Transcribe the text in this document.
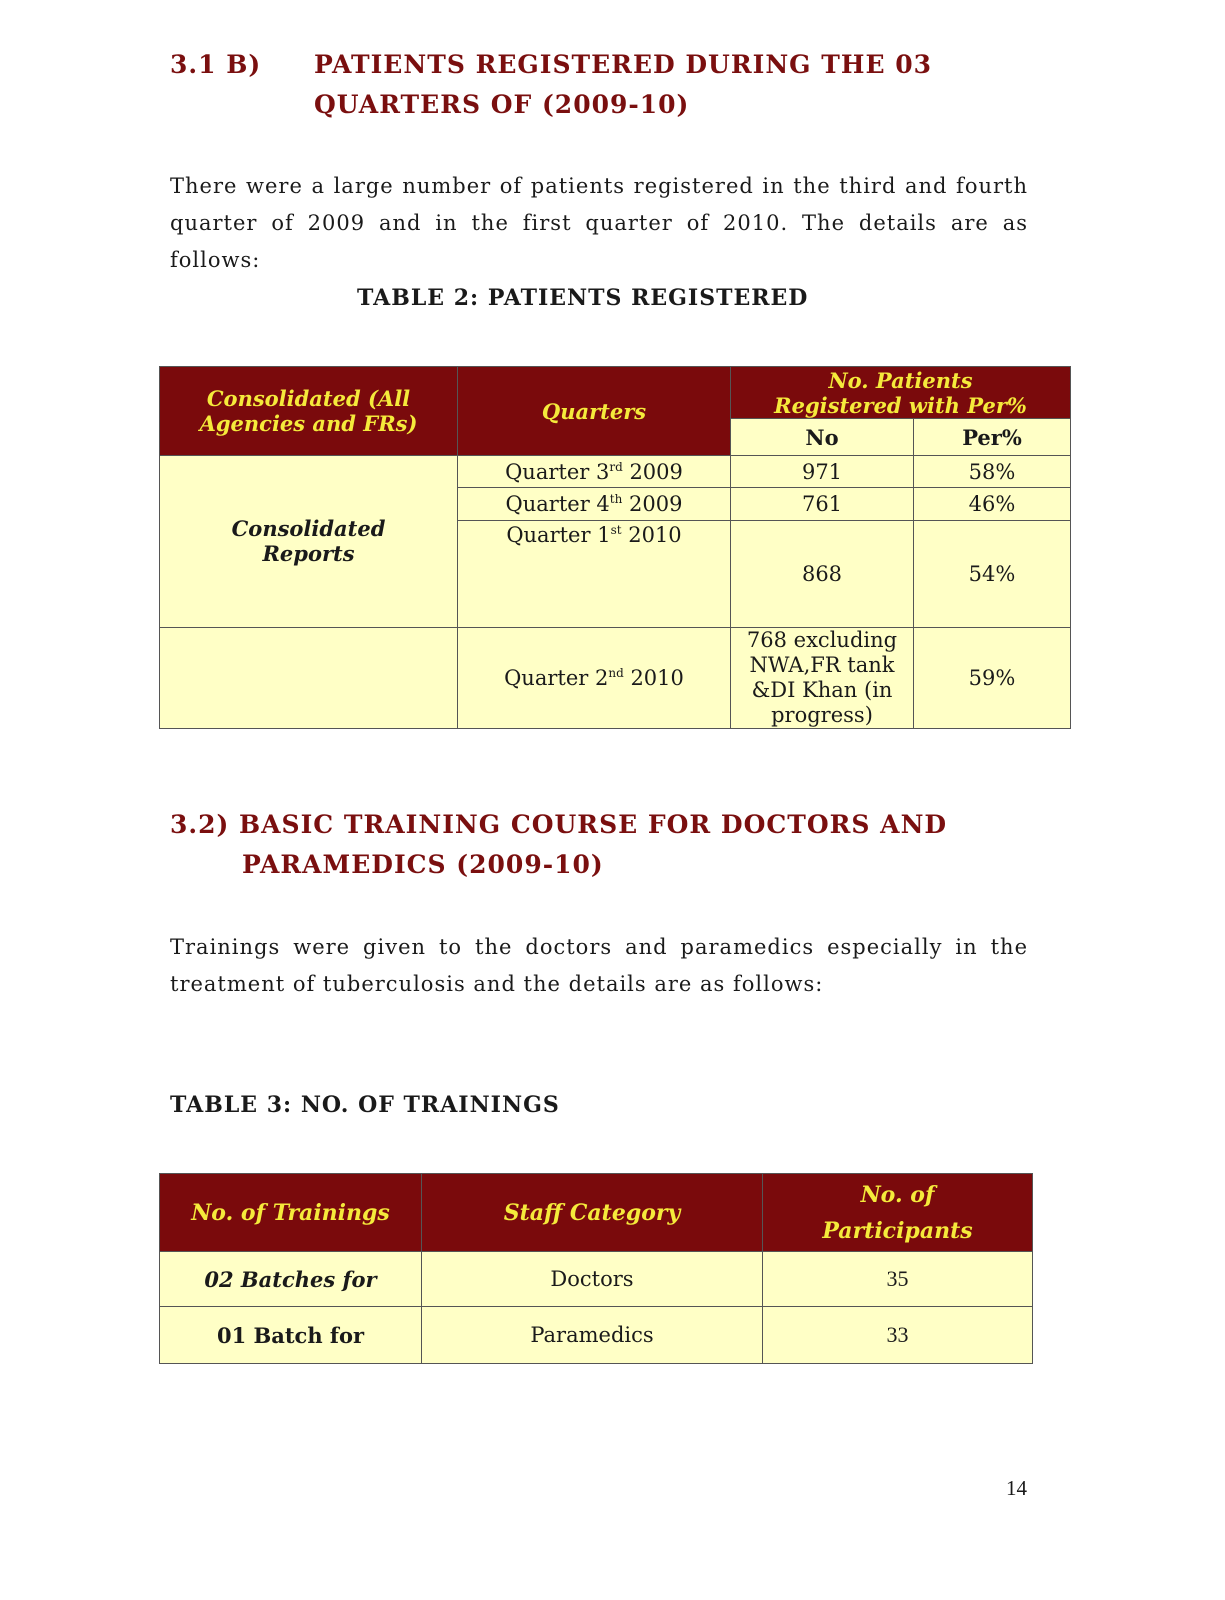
3.1 B) PATIENTS REGISTERED DURING THE 03
QUARTERS OF (2009-10)
There were a large number of patients registered in the third and fourth quarter of 2009 and in the first quarter of 2010. The details are as follows:
TABLE 2: PATIENTS REGISTERED
Consolidated (All Agencies and FRs)	Quarters	No. Patients Registered with Per%	
		No	Per%
Consolidated Reports	Quarter 3rd 2009	971	58%
	Quarter 4th 2009	761	46%
	Quarter 1st 2010	868	54%
	Quarter 2nd 2010	768 excluding NWA,FR tank &DI Khan (in progress)	59%
3.2) BASIC TRAINING COURSE FOR DOCTORS AND
PARAMEDICS (2009-10)
Trainings were given to the doctors and paramedics especially in the treatment of tuberculosis and the details are as follows:
TABLE 3: NO. OF TRAININGS
No. of Trainings	Staff Category	No. of
Participants
02 Batches for	Doctors	35
01 Batch for	Paramedics	33
14
